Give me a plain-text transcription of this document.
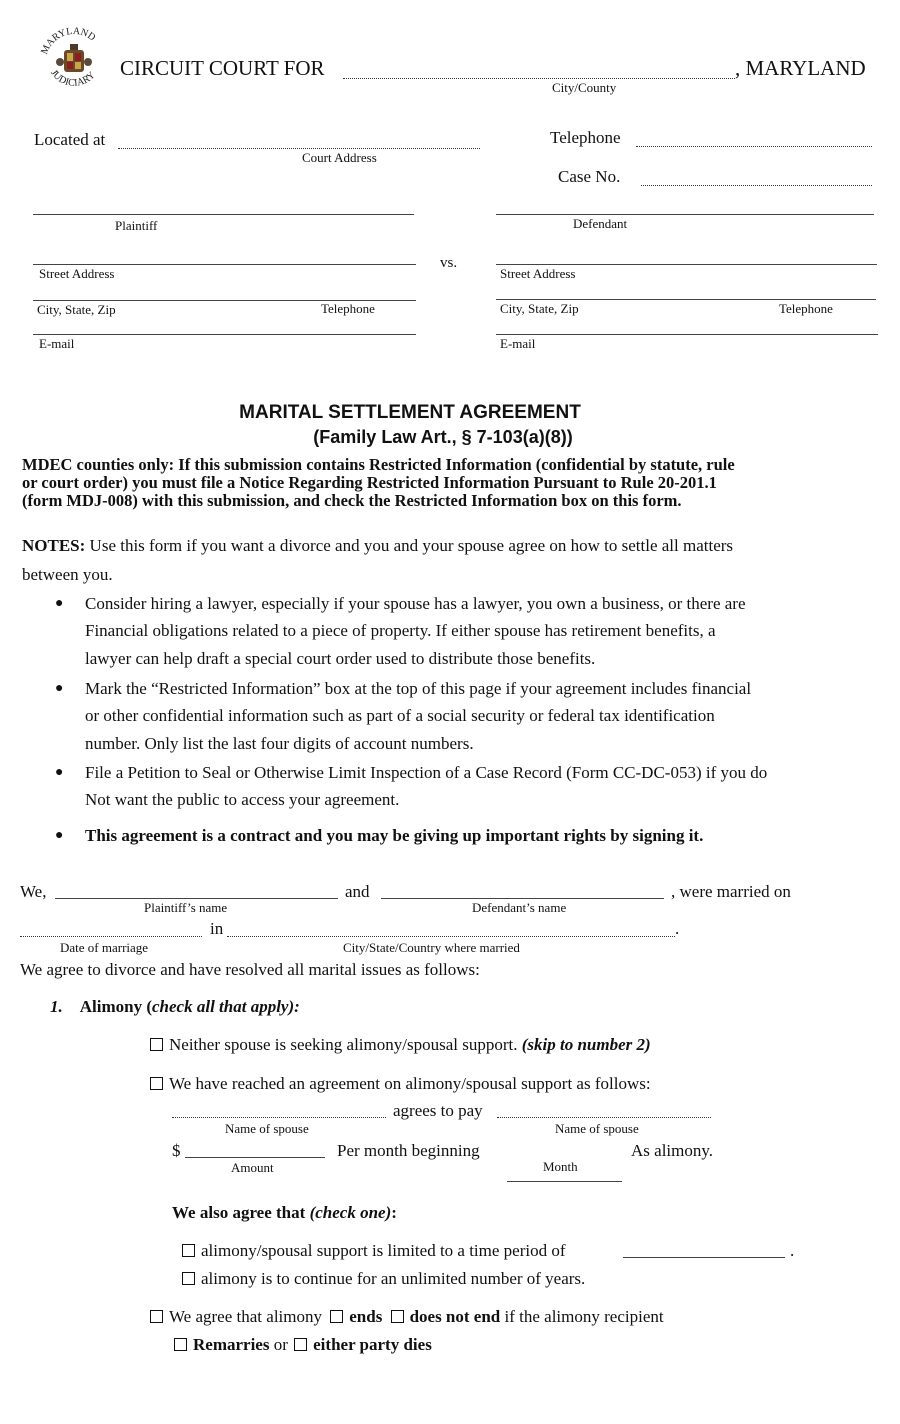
MARYLAND
JUDICIARY CIRCUIT COURT FOR	, MARYLAND
City/County
Located at
Court Address
Telephone
Case No.
Plaintiff
Street Address
City, State, Zip	Telephone
E-mail
vs.
Defendant
Street Address
City, State, Zip	Telephone
E-mail
MARITAL SETTLEMENT AGREEMENT
(Family Law Art., § 7-103(a)(8))
MDEC counties only: If this submission contains Restricted Information (confidential by statute, rule
or court order) you must file a Notice Regarding Restricted Information Pursuant to Rule 20-201.1
(form MDJ-008) with this submission, and check the Restricted Information box on this form.
NOTES: Use this form if you want a divorce and you and your spouse agree on how to settle all matters
between you.
● Consider hiring a lawyer, especially if your spouse has a lawyer, you own a business, or there are
Financial obligations related to a piece of property. If either spouse has retirement benefits, a
lawyer can help draft a special court order used to distribute those benefits.
● Mark the “Restricted Information” box at the top of this page if your agreement includes financial
or other confidential information such as part of a social security or federal tax identification
number. Only list the last four digits of account numbers.
● File a Petition to Seal or Otherwise Limit Inspection of a Case Record (Form CC-DC-053) if you do
Not want the public to access your agreement.
● This agreement is a contract and you may be giving up important rights by signing it.
We,	and	, were married on
Plaintiff’s name	Defendant’s name
in	.
Date of marriage	City/State/Country where married
We agree to divorce and have resolved all marital issues as follows:
1. Alimony (check all that apply):
Neither spouse is seeking alimony/spousal support. (skip to number 2)
We have reached an agreement on alimony/spousal support as follows:
agrees to pay
Name of spouse	Name of spouse
$	Per month beginning	As alimony.
Amount	Month
We also agree that (check one):
alimony/spousal support is limited to a time period of	.
alimony is to continue for an unlimited number of years.
We agree that alimony ends does not end if the alimony recipient
Remarries or either party dies
